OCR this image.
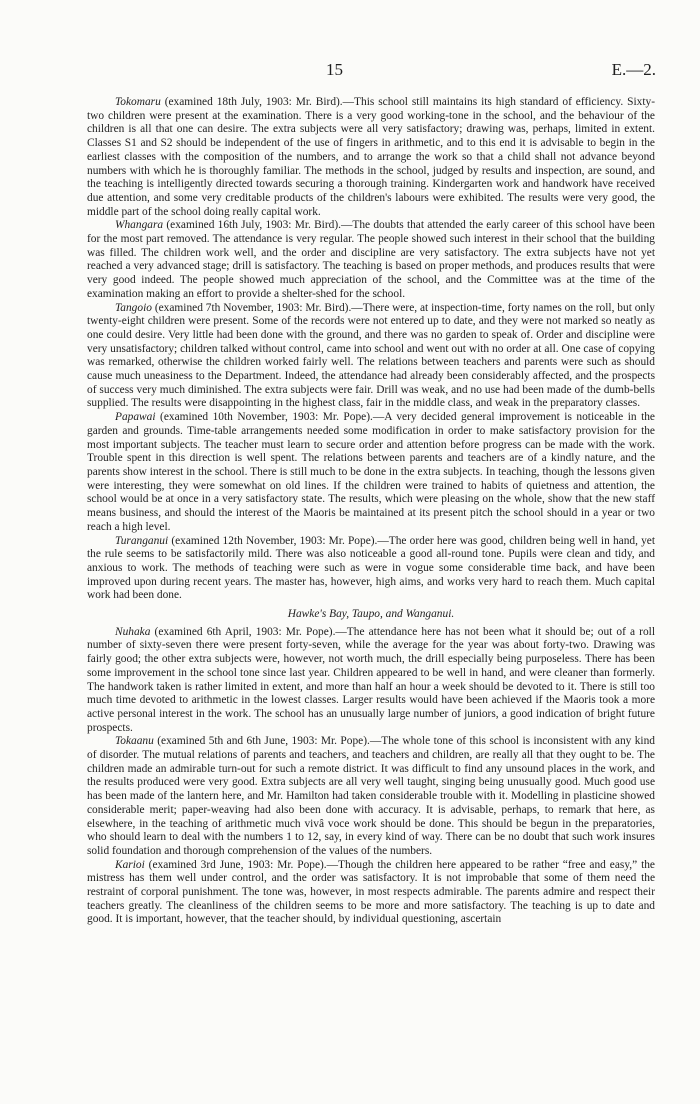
15	E.—2.

Tokomaru (examined 18th July, 1903: Mr. Bird).—This school still maintains its high standard of efficiency. Sixty-two children were present at the examination. There is a very good working-tone in the school, and the behaviour of the children is all that one can desire. The extra subjects were all very satisfactory; drawing was, perhaps, limited in extent. Classes S1 and S2 should be independent of the use of fingers in arithmetic, and to this end it is advisable to begin in the earliest classes with the composition of the numbers, and to arrange the work so that a child shall not advance beyond numbers with which he is thoroughly familiar. The methods in the school, judged by results and inspection, are sound, and the teaching is intelligently directed towards securing a thorough training. Kindergarten work and handwork have received due attention, and some very creditable products of the children's labours were exhibited. The results were very good, the middle part of the school doing really capital work.

Whangara (examined 16th July, 1903: Mr. Bird).—The doubts that attended the early career of this school have been for the most part removed. The attendance is very regular. The people showed such interest in their school that the building was filled. The children work well, and the order and discipline are very satisfactory. The extra subjects have not yet reached a very advanced stage; drill is satisfactory. The teaching is based on proper methods, and produces results that were very good indeed. The people showed much appreciation of the school, and the Committee was at the time of the examination making an effort to provide a shelter-shed for the school.

Tangoio (examined 7th November, 1903: Mr. Bird).—There were, at inspection-time, forty names on the roll, but only twenty-eight children were present. Some of the records were not entered up to date, and they were not marked so neatly as one could desire. Very little had been done with the ground, and there was no garden to speak of. Order and discipline were very unsatisfactory; children talked without control, came into school and went out with no order at all. One case of copying was remarked, otherwise the children worked fairly well. The relations between teachers and parents were such as should cause much uneasiness to the Department. Indeed, the attendance had already been considerably affected, and the prospects of success very much diminished. The extra subjects were fair. Drill was weak, and no use had been made of the dumb-bells supplied. The results were disappointing in the highest class, fair in the middle class, and weak in the preparatory classes.

Papawai (examined 10th November, 1903: Mr. Pope).—A very decided general improvement is noticeable in the garden and grounds. Time-table arrangements needed some modification in order to make satisfactory provision for the most important subjects. The teacher must learn to secure order and attention before progress can be made with the work. Trouble spent in this direction is well spent. The relations between parents and teachers are of a kindly nature, and the parents show interest in the school. There is still much to be done in the extra subjects. In teaching, though the lessons given were interesting, they were somewhat on old lines. If the children were trained to habits of quietness and attention, the school would be at once in a very satisfactory state. The results, which were pleasing on the whole, show that the new staff means business, and should the interest of the Maoris be maintained at its present pitch the school should in a year or two reach a high level.

Turanganui (examined 12th November, 1903: Mr. Pope).—The order here was good, children being well in hand, yet the rule seems to be satisfactorily mild. There was also noticeable a good all-round tone. Pupils were clean and tidy, and anxious to work. The methods of teaching were such as were in vogue some considerable time back, and have been improved upon during recent years. The master has, however, high aims, and works very hard to reach them. Much capital work had been done.

Hawke's Bay, Taupo, and Wanganui.

Nuhaka (examined 6th April, 1903: Mr. Pope).—The attendance here has not been what it should be; out of a roll number of sixty-seven there were present forty-seven, while the average for the year was about forty-two. Drawing was fairly good; the other extra subjects were, however, not worth much, the drill especially being purposeless. There has been some improvement in the school tone since last year. Children appeared to be well in hand, and were cleaner than formerly. The handwork taken is rather limited in extent, and more than half an hour a week should be devoted to it. There is still too much time devoted to arithmetic in the lowest classes. Larger results would have been achieved if the Maoris took a more active personal interest in the work. The school has an unusually large number of juniors, a good indication of bright future prospects.

Tokaanu (examined 5th and 6th June, 1903: Mr. Pope).—The whole tone of this school is inconsistent with any kind of disorder. The mutual relations of parents and teachers, and teachers and children, are really all that they ought to be. The children made an admirable turn-out for such a remote district. It was difficult to find any unsound places in the work, and the results produced were very good. Extra subjects are all very well taught, singing being unusually good. Much good use has been made of the lantern here, and Mr. Hamilton had taken considerable trouble with it. Modelling in plasticine showed considerable merit; paper-weaving had also been done with accuracy. It is advisable, perhaps, to remark that here, as elsewhere, in the teaching of arithmetic much vivâ voce work should be done. This should be begun in the preparatories, who should learn to deal with the numbers 1 to 12, say, in every kind of way. There can be no doubt that such work insures solid foundation and thorough comprehension of the values of the numbers.

Karioi (examined 3rd June, 1903: Mr. Pope).—Though the children here appeared to be rather “free and easy,” the mistress has them well under control, and the order was satisfactory. It is not improbable that some of them need the restraint of corporal punishment. The tone was, however, in most respects admirable. The parents admire and respect their teachers greatly. The cleanliness of the children seems to be more and more satisfactory. The teaching is up to date and good. It is important, however, that the teacher should, by individual questioning, ascertain
